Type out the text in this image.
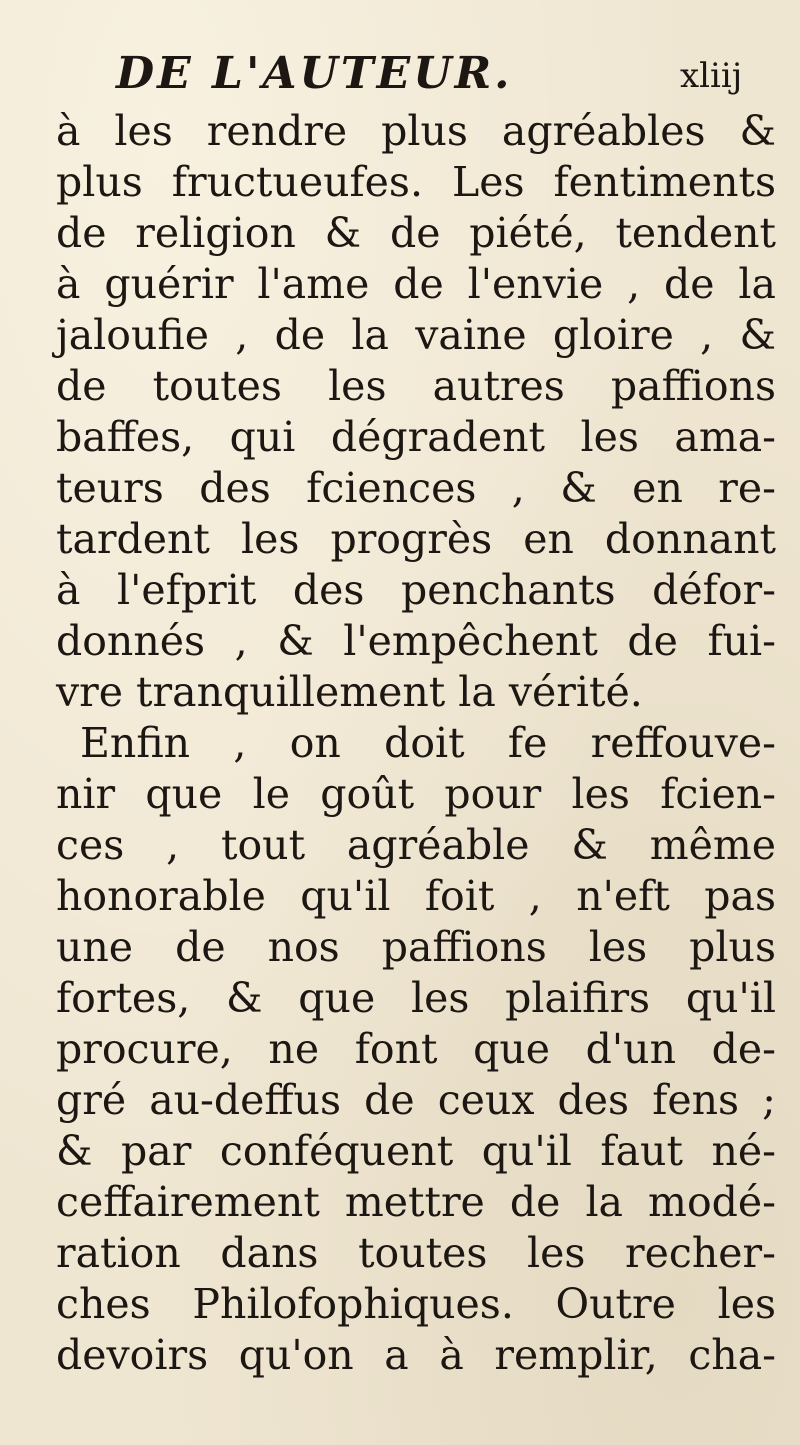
DE L'AUTEUR.	xliij
à les rendre plus agréables &
plus fructueufes. Les fentiments
de religion & de piété, tendent
à guérir l'ame de l'envie , de la
jaloufie , de la vaine gloire , &
de toutes les autres paffions
baffes, qui dégradent les ama-
teurs des fciences , & en re-
tardent les progrès en donnant
à l'efprit des penchants défor-
donnés , & l'empêchent de fui-
vre tranquillement la vérité.
Enfin , on doit fe reffouve-
nir que le goût pour les fcien-
ces , tout agréable & même
honorable qu'il foit , n'eft pas
une de nos paffions les plus
fortes, & que les plaifirs qu'il
procure, ne font que d'un de-
gré au-deffus de ceux des fens ;
& par conféquent qu'il faut né-
ceffairement mettre de la modé-
ration dans toutes les recher-
ches Philofophiques. Outre les
devoirs qu'on a à remplir, cha-
